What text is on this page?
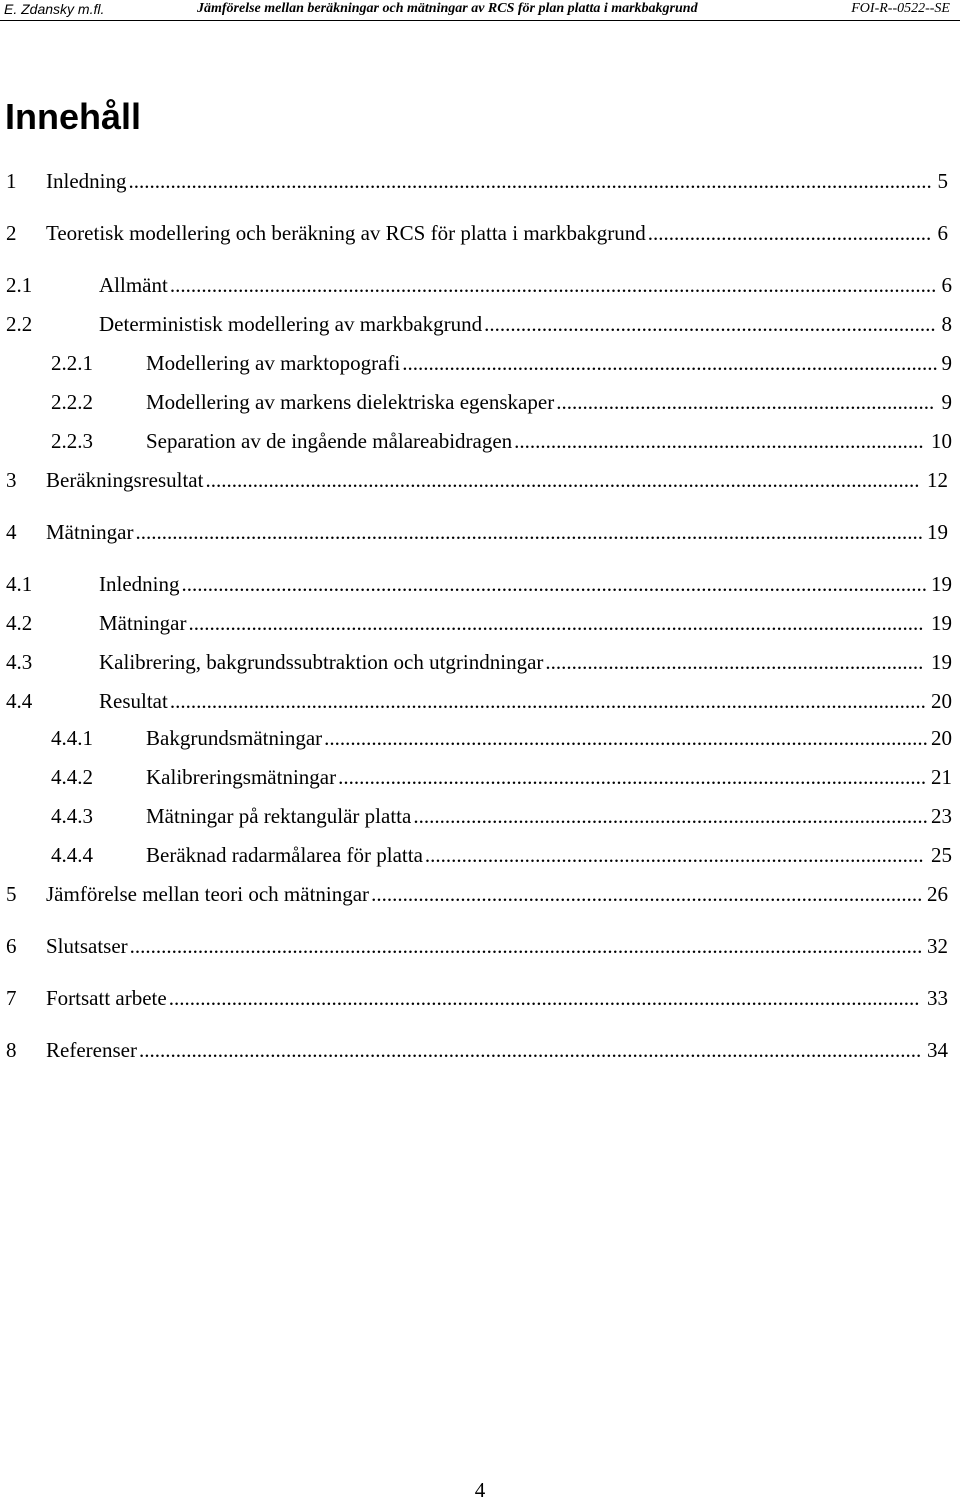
E. Zdansky m.fl.	Jämförelse mellan beräkningar och mätningar av RCS för plan platta i markbakgrund	FOI-R--0522--SE
Innehåll
1 Inledning ......................................................................................................................................................... 5
2 Teoretisk modellering och beräkning av RCS för platta i markbakgrund ...................................................... 6
2.1	Allmänt .................................................................................................................................................. 6
2.2	Deterministisk modellering av markbakgrund ...................................................................................... 8
2.2.1	Modellering av marktopografi ...................................................................................................... 9
2.2.2	Modellering av markens dielektriska egenskaper ........................................................................ 9
2.2.3	Separation av de ingående målareabidragen .............................................................................. 10
3 Beräkningsresultat ........................................................................................................................................ 12
4 Mätningar ...................................................................................................................................................... 19
4.1	Inledning .............................................................................................................................................. 19
4.2	Mätningar ............................................................................................................................................ 19
4.3	Kalibrering, bakgrundssubtraktion och utgrindningar ........................................................................ 19
4.4	Resultat ................................................................................................................................................ 20
4.4.1	Bakgrundsmätningar ................................................................................................................... 20
4.4.2	Kalibreringsmätningar ................................................................................................................ 21
4.4.3	Mätningar på rektangulär platta .................................................................................................. 23
4.4.4	Beräknad radarmålarea för platta ............................................................................................... 25
5 Jämförelse mellan teori och mätningar ......................................................................................................... 26
6 Slutsatser ....................................................................................................................................................... 32
7 Fortsatt arbete ............................................................................................................................................... 33
8 Referenser ..................................................................................................................................................... 34
4
